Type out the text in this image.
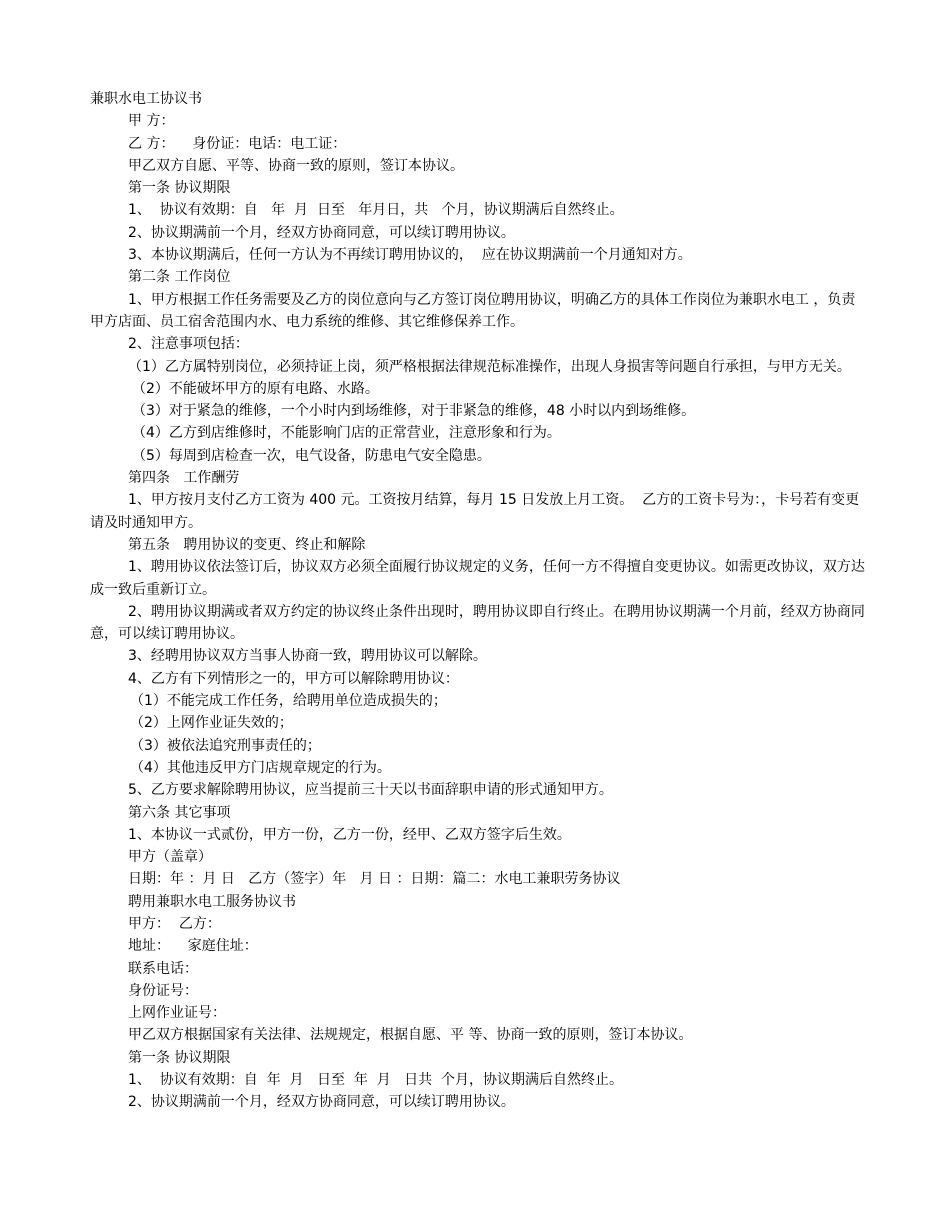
兼职水电工协议书
甲 方：
乙 方：    身份证：电话：电工证：
甲乙双方自愿、平等、协商一致的原则，签订本协议。
第一条 协议期限
1、  协议有效期：自   年  月  日至   年月日，共   个月，协议期满后自然终止。
2、协议期满前一个月，经双方协商同意，可以续订聘用协议。
3、本协议期满后，任何一方认为不再续订聘用协议的，  应在协议期满前一个月通知对方。
第二条 工作岗位
1、甲方根据工作任务需要及乙方的岗位意向与乙方签订岗位聘用协议，明确乙方的具体工作岗位为兼职水电工 ，负责甲方店面、员工宿舍范围内水、电力系统的维修、其它维修保养工作。
2、注意事项包括：
（1）乙方属特别岗位，必须持证上岗，须严格根据法律规范标准操作，出现人身损害等问题自行承担，与甲方无关。
（2）不能破坏甲方的原有电路、水路。
（3）对于紧急的维修，一个小时内到场维修，对于非紧急的维修，48 小时以内到场维修。
（4）乙方到店维修时，不能影响门店的正常营业，注意形象和行为。
（5）每周到店检查一次，电气设备，防患电气安全隐患。
第四条   工作酬劳
1、甲方按月支付乙方工资为 400 元。工资按月结算，每月 15 日发放上月工资。  乙方的工资卡号为：，卡号若有变更请及时通知甲方。
第五条   聘用协议的变更、终止和解除
1、聘用协议依法签订后，协议双方必须全面履行协议规定的义务，任何一方不得擅自变更协议。如需更改协议，双方达成一致后重新订立。
2、聘用协议期满或者双方约定的协议终止条件出现时，聘用协议即自行终止。在聘用协议期满一个月前，经双方协商同意，可以续订聘用协议。
3、经聘用协议双方当事人协商一致，聘用协议可以解除。
4、乙方有下列情形之一的，甲方可以解除聘用协议：
（1）不能完成工作任务，给聘用单位造成损失的；
（2）上网作业证失效的；
（3）被依法追究刑事责任的；
（4）其他违反甲方门店规章规定的行为。
5、乙方要求解除聘用协议，应当提前三十天以书面辞职申请的形式通知甲方。
第六条 其它事项
1、本协议一式贰份，甲方一份，乙方一份，经甲、乙双方签字后生效。
甲方（盖章）
日期：年 ：月 日   乙方（签字）年   月 日 ：日期：篇二：水电工兼职劳务协议
聘用兼职水电工服务协议书
甲方：  乙方：
地址：    家庭住址：
联系电话：
身份证号：
上网作业证号：
甲乙双方根据国家有关法律、法规规定，根据自愿、平 等、协商一致的原则，签订本协议。
第一条 协议期限
1、  协议有效期：自  年  月   日至  年  月   日共  个月，协议期满后自然终止。
2、协议期满前一个月，经双方协商同意，可以续订聘用协议。
